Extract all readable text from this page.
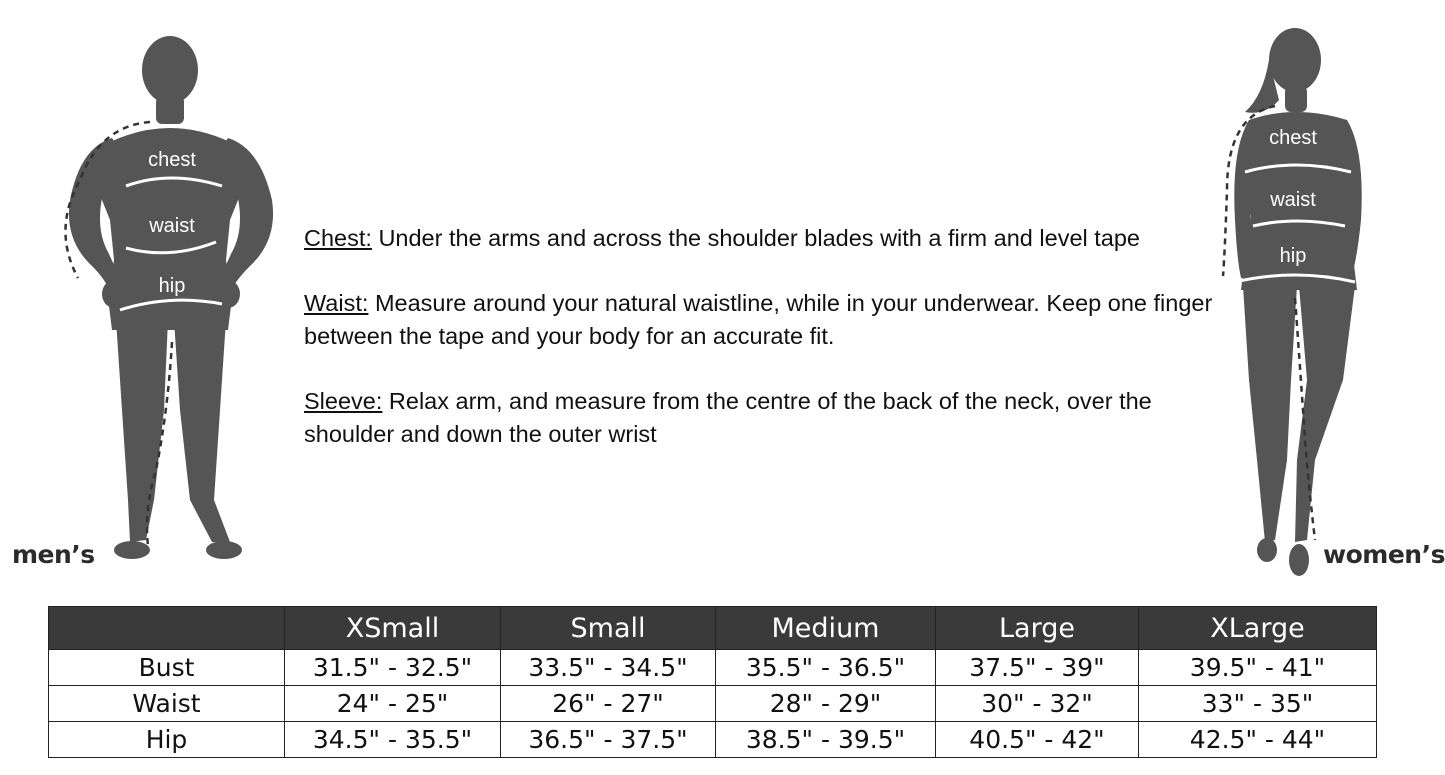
chest
waist
hip
men’s

Chest: Under the arms and across the shoulder blades with a firm and level tape

Waist: Measure around your natural waistline, while in your underwear. Keep one finger between the tape and your body for an accurate fit.

Sleeve: Relax arm, and measure from the centre of the back of the neck, over the shoulder and down the outer wrist

chest
waist
hip
women’s
	XSmall	Small	Medium	Large	XLarge
Bust	31.5" - 32.5"	33.5" - 34.5"	35.5" - 36.5"	37.5" - 39"	39.5" - 41"
Waist	24" - 25"	26" - 27"	28" - 29"	30" - 32"	33" - 35"
Hip	34.5" - 35.5"	36.5" - 37.5"	38.5" - 39.5"	40.5" - 42"	42.5" - 44"
